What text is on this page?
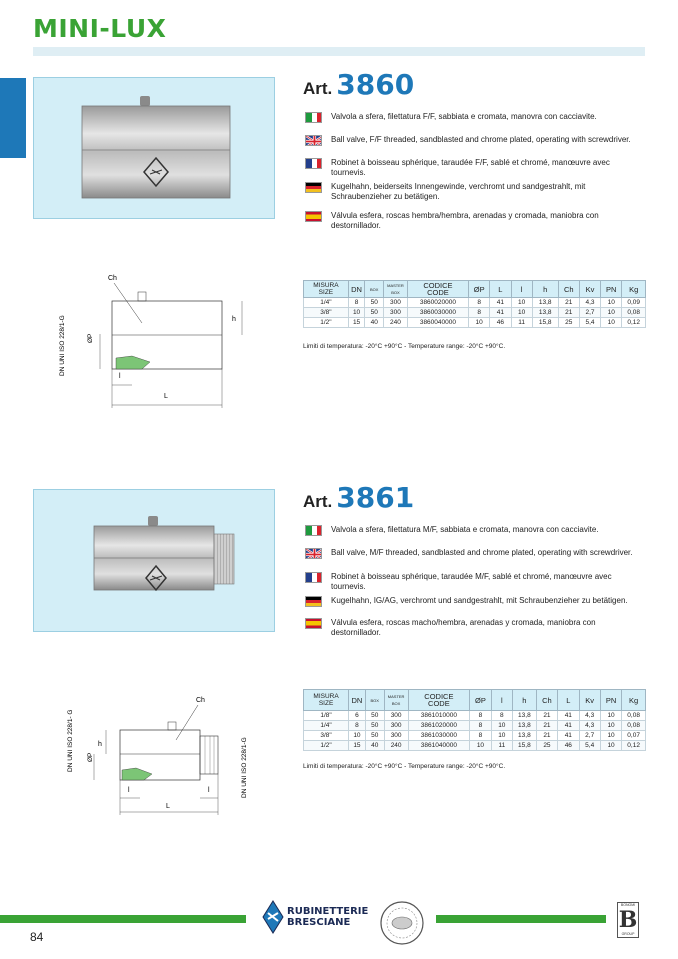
MINI-LUX
Art. 3860
Valvola a sfera, filettatura F/F, sabbiata e cromata, manovra con cacciavite.
Ball valve, F/F threaded, sandblasted and chrome plated, operating with screwdriver.
Robinet à boisseau sphérique, taraudée F/F, sablé et chromé, manœuvre avec tournevis.
Kugelhahn, beiderseits Innengewinde, verchromt und sandgestrahlt, mit Schraubenzieher zu betätigen.
Válvula esfera, roscas hembra/hembra, arenadas y cromada, maniobra con destornillador.
Ch
L
l
h
ØP
DN UNI ISO 228/1-G
MISURA
SIZE	DN	BOX	MASTER BOX	CODICE
CODE	ØP	L	l	h	Ch	Kv	PN	Kg
1/4"	8	50	300	3860020000	8	41	10	13,8	21	4,3	10	0,09
3/8"	10	50	300	3860030000	8	41	10	13,8	21	2,7	10	0,08
1/2"	15	40	240	3860040000	10	46	11	15,8	25	5,4	10	0,12
Limiti di temperatura: -20°C +90°C - Temperature range: -20°C +90°C.
Art. 3861
Valvola a sfera, filettatura M/F, sabbiata e cromata, manovra con cacciavite.
Ball valve, M/F threaded, sandblasted and chrome plated, operating with screwdriver.
Robinet à boisseau sphérique, taraudée M/F, sablé et chromé, manœuvre avec tournevis.
Kugelhahn, IG/AG, verchromt und sandgestrahlt, mit Schraubenzieher zu betätigen.
Válvula esfera, roscas macho/hembra, arenadas y cromada, maniobra con destornillador.
Ch
L
l	l
h
ØP
DN UNI ISO 228/1- G	DN UNI ISO 228/1-G
MISURA
SIZE	DN	BOX	MASTER BOX	CODICE
CODE	ØP	l	h	Ch	L	Kv	PN	Kg
1/8"	6	50	300	3861010000	8	8	13,8	21	41	4,3	10	0,08
1/4"	8	50	300	3861020000	8	10	13,8	21	41	4,3	10	0,08
3/8"	10	50	300	3861030000	8	10	13,8	21	41	2,7	10	0,07
1/2"	15	40	240	3861040000	10	11	15,8	25	46	5,4	10	0,12
Limiti di temperatura: -20°C +90°C - Temperature range: -20°C +90°C.
84
RUBINETTERIE
BRESCIANE
BONOMI
B
GROUP
